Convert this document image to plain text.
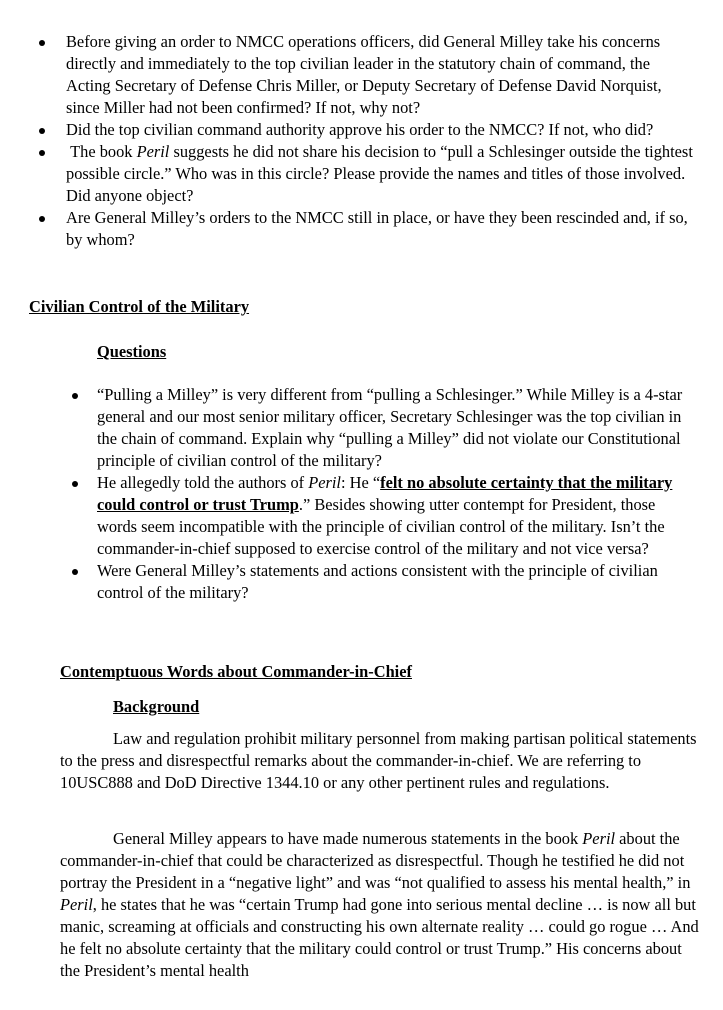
Before giving an order to NMCC operations officers, did General Milley take his concerns directly and immediately to the top civilian leader in the statutory chain of command, the Acting Secretary of Defense Chris Miller, or Deputy Secretary of Defense David Norquist, since Miller had not been confirmed? If not, why not?
Did the top civilian command authority approve his order to the NMCC? If not, who did?
The book Peril suggests he did not share his decision to “pull a Schlesinger outside the tightest possible circle.” Who was in this circle? Please provide the names and titles of those involved. Did anyone object?
Are General Milley’s orders to the NMCC still in place, or have they been rescinded and, if so, by whom?
Civilian Control of the Military
Questions
“Pulling a Milley” is very different from “pulling a Schlesinger.” While Milley is a 4-star general and our most senior military officer, Secretary Schlesinger was the top civilian in the chain of command. Explain why “pulling a Milley” did not violate our Constitutional principle of civilian control of the military?
He allegedly told the authors of Peril: He “felt no absolute certainty that the military could control or trust Trump.” Besides showing utter contempt for President, those words seem incompatible with the principle of civilian control of the military. Isn’t the commander-in-chief supposed to exercise control of the military and not vice versa?
Were General Milley’s statements and actions consistent with the principle of civilian control of the military?
Contemptuous Words about Commander-in-Chief
Background

Law and regulation prohibit military personnel from making partisan political statements to the press and disrespectful remarks about the commander-in-chief. We are referring to 10USC888 and DoD Directive 1344.10 or any other pertinent rules and regulations.

General Milley appears to have made numerous statements in the book Peril about the commander-in-chief that could be characterized as disrespectful. Though he testified he did not portray the President in a “negative light” and was “not qualified to assess his mental health,” in Peril, he states that he was “certain Trump had gone into serious mental decline … is now all but manic, screaming at officials and constructing his own alternate reality … could go rogue … And he felt no absolute certainty that the military could control or trust Trump.” His concerns about the President’s mental health
